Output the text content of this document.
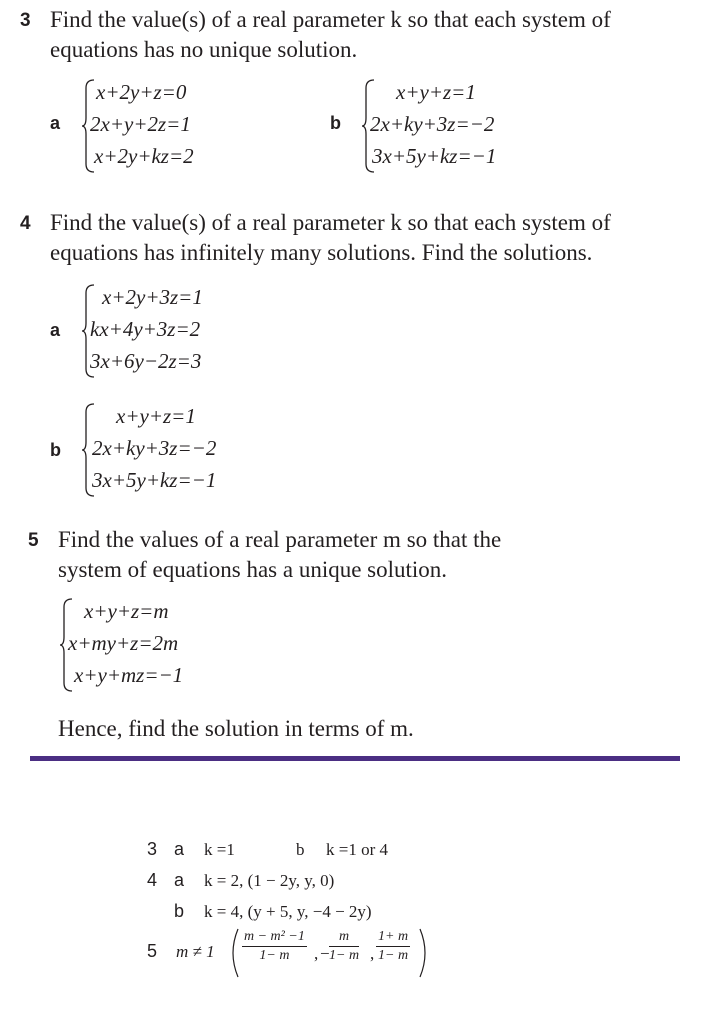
3 Find the value(s) of a real parameter k so that each system of
equations has no unique solution.
a
x+2y+z=0
2x+y+2z=1
x+2y+kz=2
b
x+y+z=1
2x+ky+3z=−2
3x+5y+kz=−1
4 Find the value(s) of a real parameter k so that each system of
equations has infinitely many solutions. Find the solutions.
a
x+2y+3z=1
kx+4y+3z=2
3x+6y−2z=3
b
x+y+z=1
2x+ky+3z=−2
3x+5y+kz=−1
5 Find the values of a real parameter m so that the
system of equations has a unique solution.
x+y+z=m
x+my+z=2m
x+y+mz=−1
Hence, find the solution in terms of m.
3 a k =1	b k =1 or 4
4 a k = 2, (1 − 2y, y, 0)
b k = 4, (y + 5, y, −4 − 2y)
5 $m \ne 1 \frac{\text{m − m² −1}}{1- m}$ , − $\frac{m}{1- m}$ , $\frac{1+ m}{1- m}$
